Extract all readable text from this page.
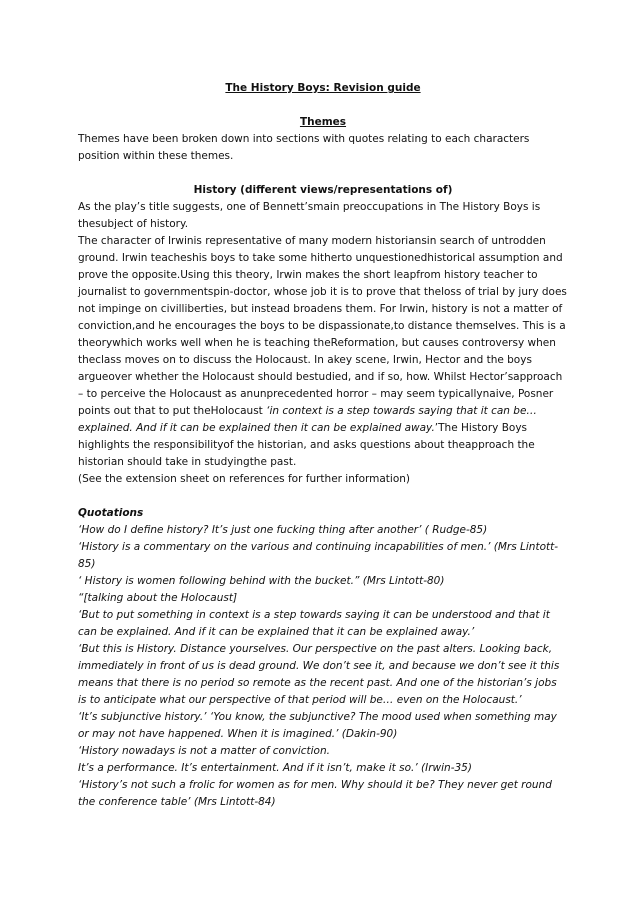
The History Boys: Revision guide

Themes

Themes have been broken down into sections with quotes relating to each characters position within these themes.

History (different views/representations of)

As the play’s title suggests, one of Bennett’smain preoccupations in The History Boys is thesubject of history.

The character of Irwinis representative of many modern historiansin search of untrodden ground. Irwin teacheshis boys to take some hitherto unquestionedhistorical assumption and prove the opposite.Using this theory, Irwin makes the short leapfrom history teacher to journalist to governmentspin-doctor, whose job it is to prove that theloss of trial by jury does not impinge on civilliberties, but instead broadens them. For Irwin, history is not a matter of conviction,and he encourages the boys to be dispassionate,to distance themselves. This is a theorywhich works well when he is teaching theReformation, but causes controversy when theclass moves on to discuss the Holocaust. In akey scene, Irwin, Hector and the boys argueover whether the Holocaust should bestudied, and if so, how. Whilst Hector’sapproach – to perceive the Holocaust as anunprecedented horror – may seem typicallynaive, Posner points out that to put theHolocaust ‘in context is a step towards saying that it can be… explained. And if it can be explained then it can be explained away.’The History Boys highlights the responsibilityof the historian, and asks questions about theapproach the historian should take in studyingthe past.

(See the extension sheet on references for further information)

Quotations

‘How do I define history? It’s just one fucking thing after another’ ( Rudge-85)

‘History is a commentary on the various and continuing incapabilities of men.’ (Mrs Lintott-85)

‘ History is women following behind with the bucket.” (Mrs Lintott-80)

“[talking about the Holocaust]

‘But to put something in context is a step towards saying it can be understood and that it can be explained. And if it can be explained that it can be explained away.’

‘But this is History. Distance yourselves. Our perspective on the past alters. Looking back, immediately in front of us is dead ground. We don’t see it, and because we don’t see it this means that there is no period so remote as the recent past. And one of the historian’s jobs is to anticipate what our perspective of that period will be… even on the Holocaust.’

‘It’s subjunctive history.’ ‘You know, the subjunctive? The mood used when something may or may not have happened. When it is imagined.’ (Dakin-90)

‘History nowadays is not a matter of conviction.

It’s a performance. It’s entertainment. And if it isn’t, make it so.’ (Irwin-35)

‘History’s not such a frolic for women as for men. Why should it be? They never get round the conference table’ (Mrs Lintott-84)
